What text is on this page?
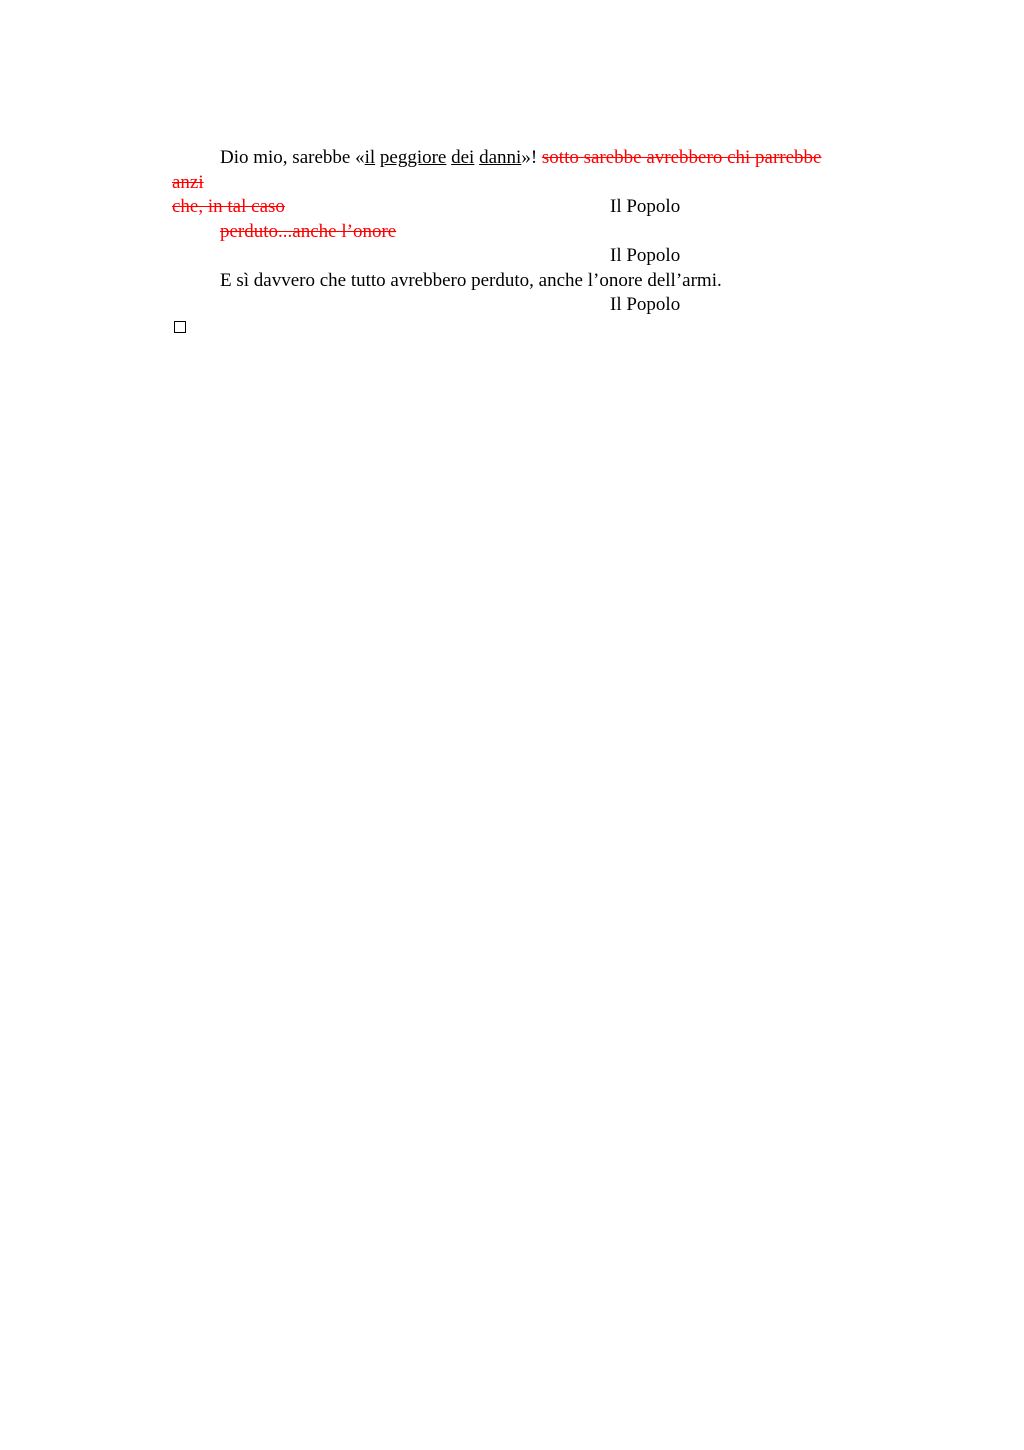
Dio mio, sarebbe «il peggiore dei danni»! sotto sarebbe avrebbero chi parrebbe
anzi
che, in tal caso	Il Popolo
perduto...anche l’onore
Il Popolo
E sì davvero che tutto avrebbero perduto, anche l’onore dell’armi.
Il Popolo
